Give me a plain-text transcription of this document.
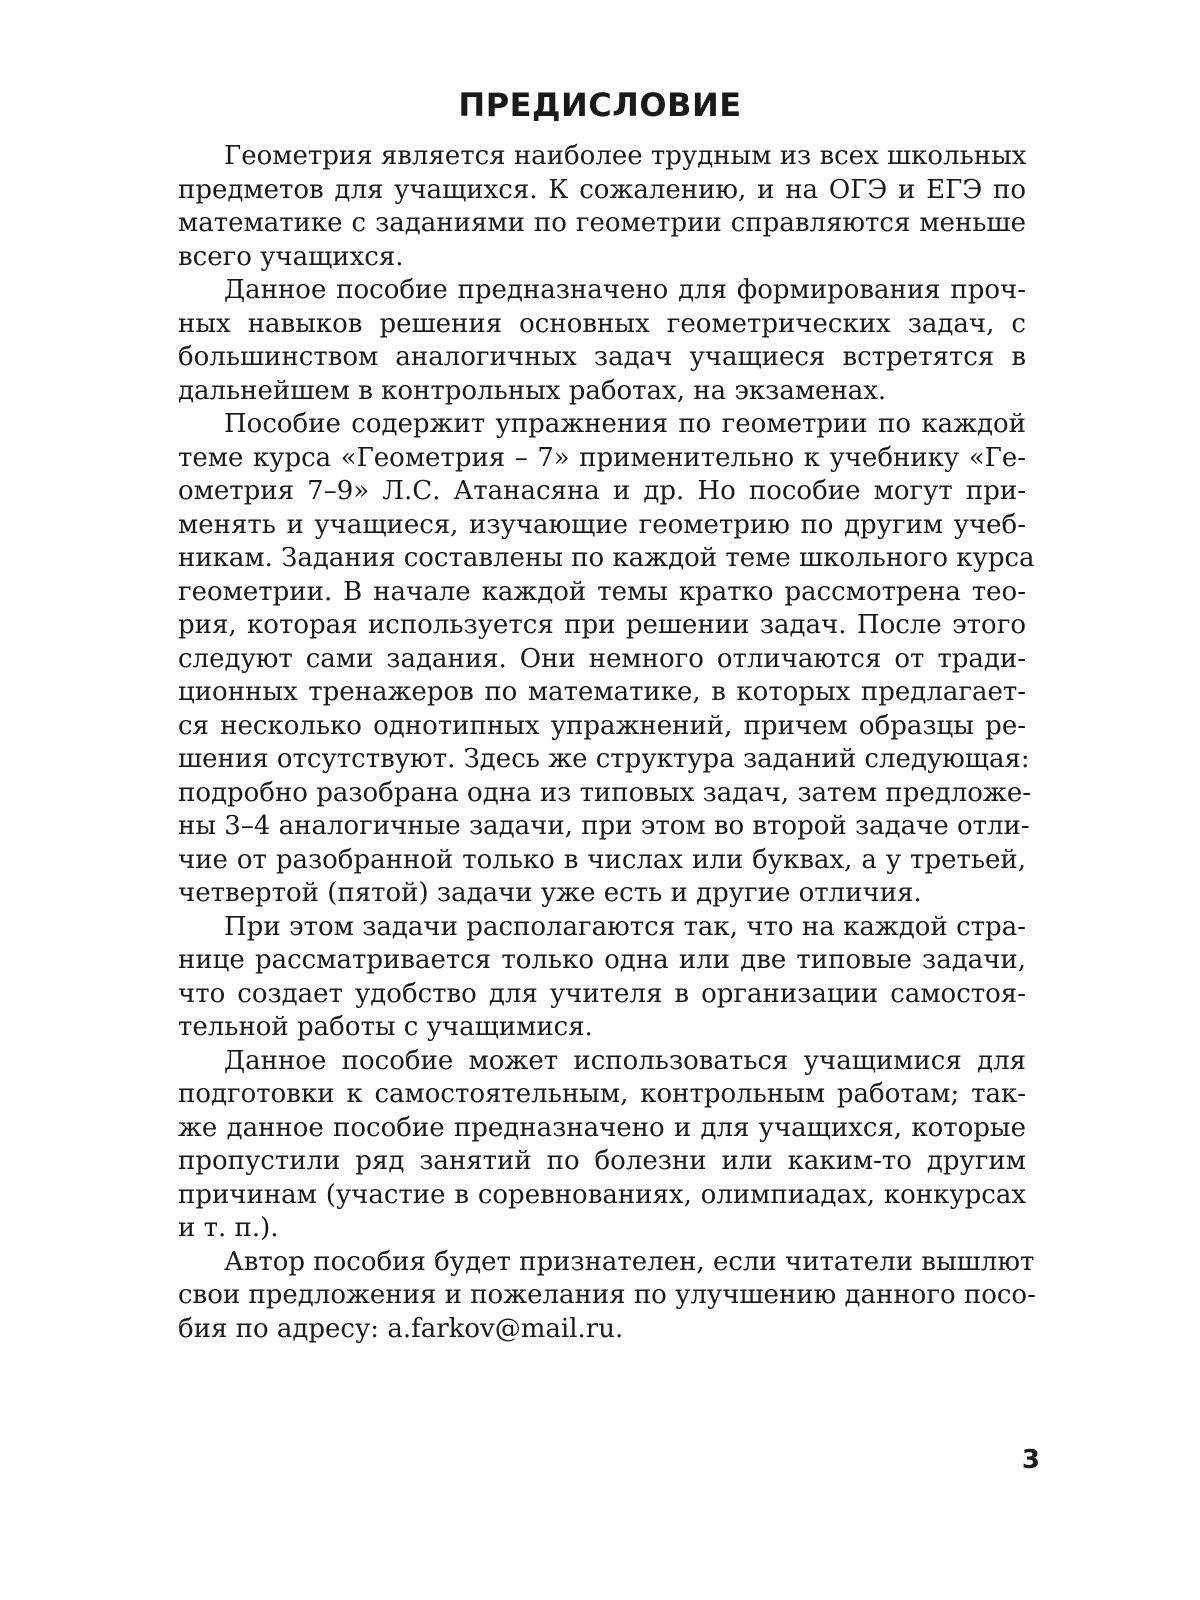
ПРЕДИСЛОВИЕ

Геометрия является наиболее трудным из всех школьных
предметов для учащихся. К сожалению, и на ОГЭ и ЕГЭ по
математике с заданиями по геометрии справляются меньше
всего учащихся.

Данное пособие предназначено для формирования проч-
ных навыков решения основных геометрических задач, с
большинством аналогичных задач учащиеся встретятся в
дальнейшем в контрольных работах, на экзаменах.

Пособие содержит упражнения по геометрии по каждой
теме курса «Геометрия – 7» применительно к учебнику «Ге-
ометрия 7–9» Л.С. Атанасяна и др. Но пособие могут при-
менять и учащиеся, изучающие геометрию по другим учеб-
никам. Задания составлены по каждой теме школьного курса
геометрии. В начале каждой темы кратко рассмотрена тео-
рия, которая используется при решении задач. После этого
следуют сами задания. Они немного отличаются от тради-
ционных тренажеров по математике, в которых предлагает-
ся несколько однотипных упражнений, причем образцы ре-
шения отсутствуют. Здесь же структура заданий следующая:
подробно разобрана одна из типовых задач, затем предложе-
ны 3–4 аналогичные задачи, при этом во второй задаче отли-
чие от разобранной только в числах или буквах, а у третьей,
четвертой (пятой) задачи уже есть и другие отличия.

При этом задачи располагаются так, что на каждой стра-
нице рассматривается только одна или две типовые задачи,
что создает удобство для учителя в организации самостоя-
тельной работы с учащимися.

Данное пособие может использоваться учащимися для
подготовки к самостоятельным, контрольным работам; так-
же данное пособие предназначено и для учащихся, которые
пропустили ряд занятий по болезни или каким-то другим
причинам (участие в соревнованиях, олимпиадах, конкурсах
и т. п.).

Автор пособия будет признателен, если читатели вышлют
свои предложения и пожелания по улучшению данного посо-
бия по адресу: a.farkov@mail.ru.

3
